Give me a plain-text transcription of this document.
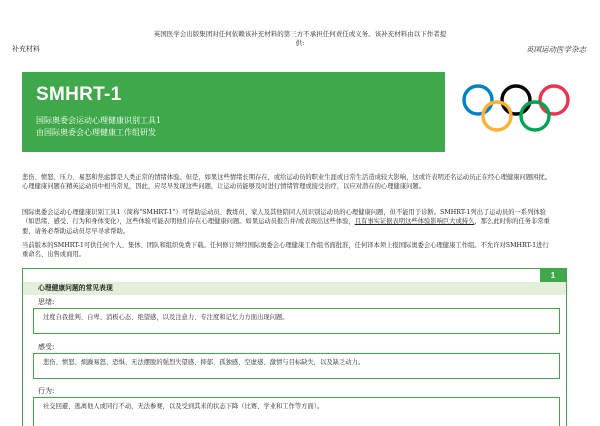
英国医学会出版集团对任何依赖该补充材料的第三方不承担任何责任或义务。该补充材料由以下作者提供:
补充材料	英国运动医学杂志
SMHRT-1
国际奥委会运动心理健康识别工具1
由国际奥委会心理健康工作组研发

悲伤、愤怒、压力、易怒和焦虑都是人类正常的情绪体验。但是，如果这些情绪长期存在，或给运动员的职业生涯或日常生活造成较大影响，这或许表明还名运动员正在经心理健康问题困扰。心理健康问题在精英运动员中相当常见，因此，应尽早发现这些问题，让运动员能够及时进行情绪管理或接受治疗，以应对潜在的心理健康问题。

国际奥委会运动心理健康识别工具1（简称"SMHRT-1"）可帮助运动员、教练员、家人及其他陪同人员识别运动员的心理健康问题，但不能用于诊断。SMHRT-1列出了运动员的一系列体验（如思绪、感受、行为和身体变化），这些体验可能表明他们存在心理健康问题。如果运动员报告并/或表现出这些体验，且有事实证据表明这些体验影响巨大或持久，那么此时你的任务非常重要，请务必帮助运动员尽早寻求帮助。

当前版本的SMHRT-1可供任何个人、集体、团队和组织免费下载。任何修订须经国际奥委会心理健康工作组书面批准，任何译本须上报国际奥委会心理健康工作组。不允许对SMHRT-1进行重命名、出售或商用。

1
心理健康问题的常见表现
思绪:
过度自我批判、自卑、消极心态、绝望感，以及注意力、专注度和记忆力方面出现问题。
感受:
悲伤、愤怒、烦躁易怒、恐惧、无法摆脱的强烈失望感、抑郁、孤独感、空虚感、激情与目标缺失，以及缺乏动力。
行为:
社交回避、逃离他人或同行不动，无法参赛，以及受到其来的状态下降（比赛、学业和工作等方面）。
